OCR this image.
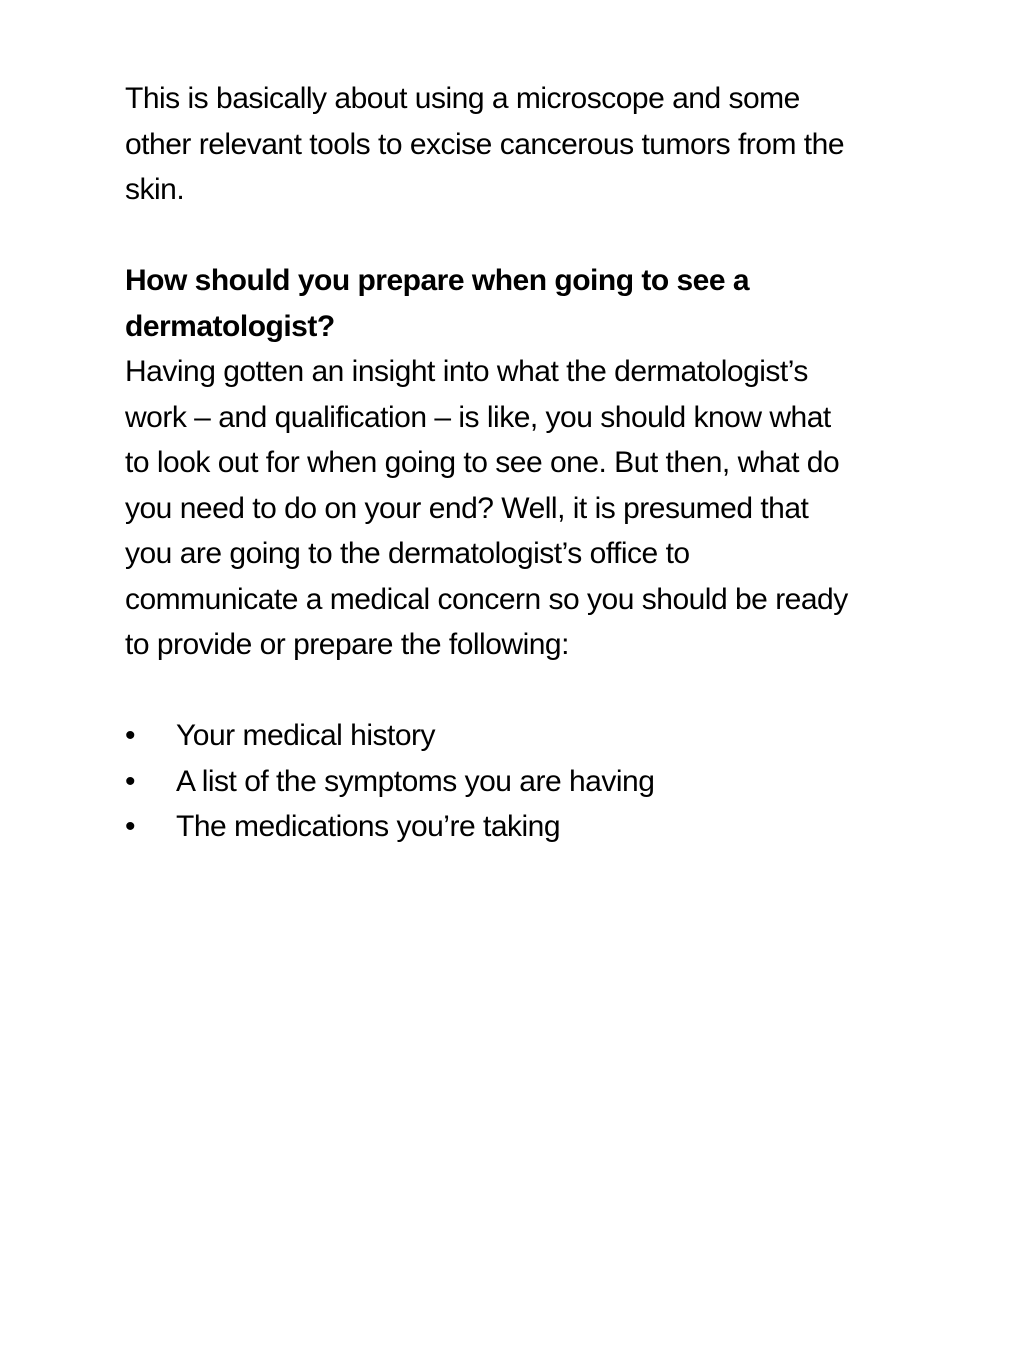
This is basically about using a microscope and some other relevant tools to excise cancerous tumors from the skin.

How should you prepare when going to see a dermatologist?

Having gotten an insight into what the dermatologist’s work – and qualification – is like, you should know what to look out for when going to see one. But then, what do you need to do on your end? Well, it is presumed that you are going to the dermatologist’s office to communicate a medical concern so you should be ready to provide or prepare the following:

• Your medical history
• A list of the symptoms you are having
• The medications you’re taking
